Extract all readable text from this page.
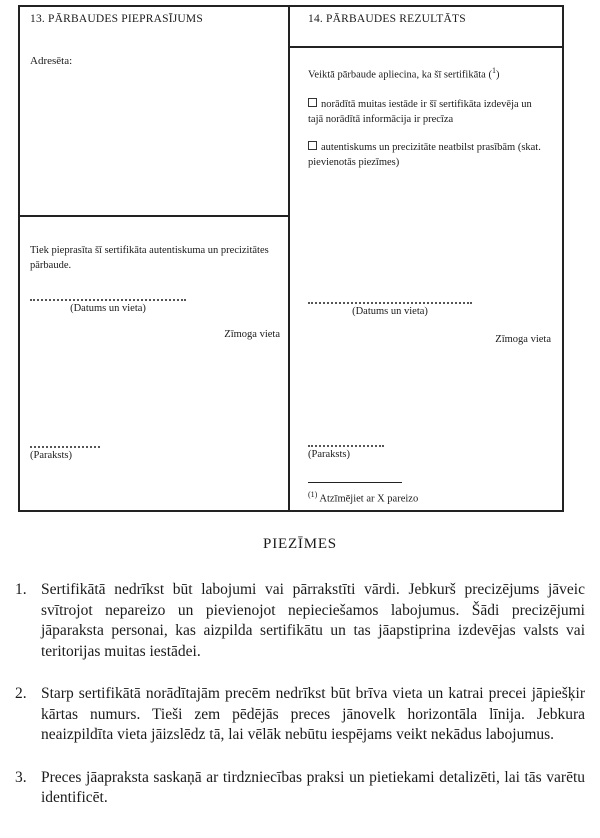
13. PĀRBAUDES PIEPRASĪJUMS
Adresēta:
Tiek pieprasīta šī sertifikāta autentiskuma un precizitātes pārbaude.
(Datums un vieta)
Zīmoga vieta
(Paraksts)
14. PĀRBAUDES REZULTĀTS
Veiktā pārbaude apliecina, ka šī sertifikāta ($^1$)
norādītā muitas iestāde ir šī sertifikāta izdevēja un tajā norādītā informācija ir precīza
autentiskums un precizitāte neatbilst prasībām (skat. pievienotās piezīmes)
(Datums un vieta)
Zīmoga vieta
(Paraksts)
$^{(1)}$ Atzīmējiet ar X pareizo
PIEZĪMES
1. Sertifikātā nedrīkst būt labojumi vai pārrakstīti vārdi. Jebkurš precizējums jāveic svītrojot nepareizo un pievienojot nepieciešamos labojumus. Šādi precizējumi jāparaksta personai, kas aizpilda sertifikātu un tas jāapstiprina izdevējas valsts vai teritorijas muitas iestādei.
2. Starp sertifikātā norādītajām precēm nedrīkst būt brīva vieta un katrai precei jāpiešķir kārtas numurs. Tieši zem pēdējās preces jānovelk horizontāla līnija. Jebkura neaizpildīta vieta jāizslēdz tā, lai vēlāk nebūtu iespējams veikt nekādus labojumus.
3. Preces jāapraksta saskaņā ar tirdzniecības praksi un pietiekami detalizēti, lai tās varētu identificēt.
